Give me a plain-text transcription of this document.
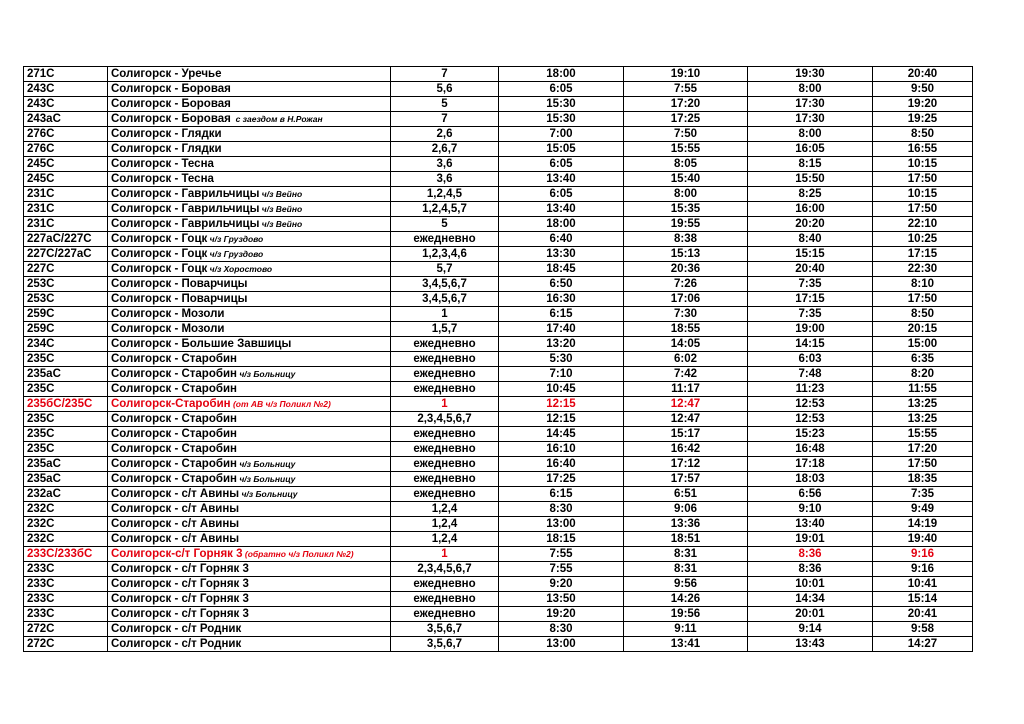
271С	Солигорск - Уречье	7	18:00	19:10	19:30	20:40
243С	Солигорск - Боровая	5,6	6:05	7:55	8:00	9:50
243С	Солигорск - Боровая	5	15:30	17:20	17:30	19:20
243аС	Солигорск - Боровая  с заездом в Н.Рожан	7	15:30	17:25	17:30	19:25
276С	Солигорск - Глядки	2,6	7:00	7:50	8:00	8:50
276С	Солигорск - Глядки	2,6,7	15:05	15:55	16:05	16:55
245С	Солигорск - Тесна	3,6	6:05	8:05	8:15	10:15
245С	Солигорск - Тесна	3,6	13:40	15:40	15:50	17:50
231С	Солигорск - Гаврильчицы ч/з Вейно	1,2,4,5	6:05	8:00	8:25	10:15
231С	Солигорск - Гаврильчицы ч/з Вейно	1,2,4,5,7	13:40	15:35	16:00	17:50
231С	Солигорск - Гаврильчицы ч/з Вейно	5	18:00	19:55	20:20	22:10
227аС/227С	Солигорск - Гоцк ч/з Груздово	ежедневно	6:40	8:38	8:40	10:25
227С/227аС	Солигорск - Гоцк ч/з Груздово	1,2,3,4,6	13:30	15:13	15:15	17:15
227С	Солигорск - Гоцк ч/з Хоростово	5,7	18:45	20:36	20:40	22:30
253С	Солигорск - Поварчицы	3,4,5,6,7	6:50	7:26	7:35	8:10
253С	Солигорск - Поварчицы	3,4,5,6,7	16:30	17:06	17:15	17:50
259С	Солигорск - Мозоли	1	6:15	7:30	7:35	8:50
259С	Солигорск - Мозоли	1,5,7	17:40	18:55	19:00	20:15
234С	Солигорск - Большие Завшицы	ежедневно	13:20	14:05	14:15	15:00
235С	Солигорск - Старобин	ежедневно	5:30	6:02	6:03	6:35
235аС	Солигорск - Старобин ч/з Больницу	ежедневно	7:10	7:42	7:48	8:20
235С	Солигорск - Старобин	ежедневно	10:45	11:17	11:23	11:55
235бС/235С	Солигорск-Старобин (от АВ ч/з Поликл №2)	1	12:15	12:47	12:53	13:25
235С	Солигорск - Старобин	2,3,4,5,6,7	12:15	12:47	12:53	13:25
235С	Солигорск - Старобин	ежедневно	14:45	15:17	15:23	15:55
235С	Солигорск - Старобин	ежедневно	16:10	16:42	16:48	17:20
235аС	Солигорск - Старобин ч/з Больницу	ежедневно	16:40	17:12	17:18	17:50
235аС	Солигорск - Старобин ч/з Больницу	ежедневно	17:25	17:57	18:03	18:35
232аС	Солигорск - с/т Авины ч/з Больницу	ежедневно	6:15	6:51	6:56	7:35
232С	Солигорск - с/т Авины	1,2,4	8:30	9:06	9:10	9:49
232С	Солигорск - с/т Авины	1,2,4	13:00	13:36	13:40	14:19
232С	Солигорск - с/т Авины	1,2,4	18:15	18:51	19:01	19:40
233С/233бС	Солигорск-с/т Горняк 3 (обратно ч/з Поликл №2)	1	7:55	8:31	8:36	9:16
233С	Солигорск - с/т Горняк 3	2,3,4,5,6,7	7:55	8:31	8:36	9:16
233С	Солигорск - с/т Горняк 3	ежедневно	9:20	9:56	10:01	10:41
233С	Солигорск - с/т Горняк 3	ежедневно	13:50	14:26	14:34	15:14
233С	Солигорск - с/т Горняк 3	ежедневно	19:20	19:56	20:01	20:41
272С	Солигорск - с/т Родник	3,5,6,7	8:30	9:11	9:14	9:58
272С	Солигорск - с/т Родник	3,5,6,7	13:00	13:41	13:43	14:27
